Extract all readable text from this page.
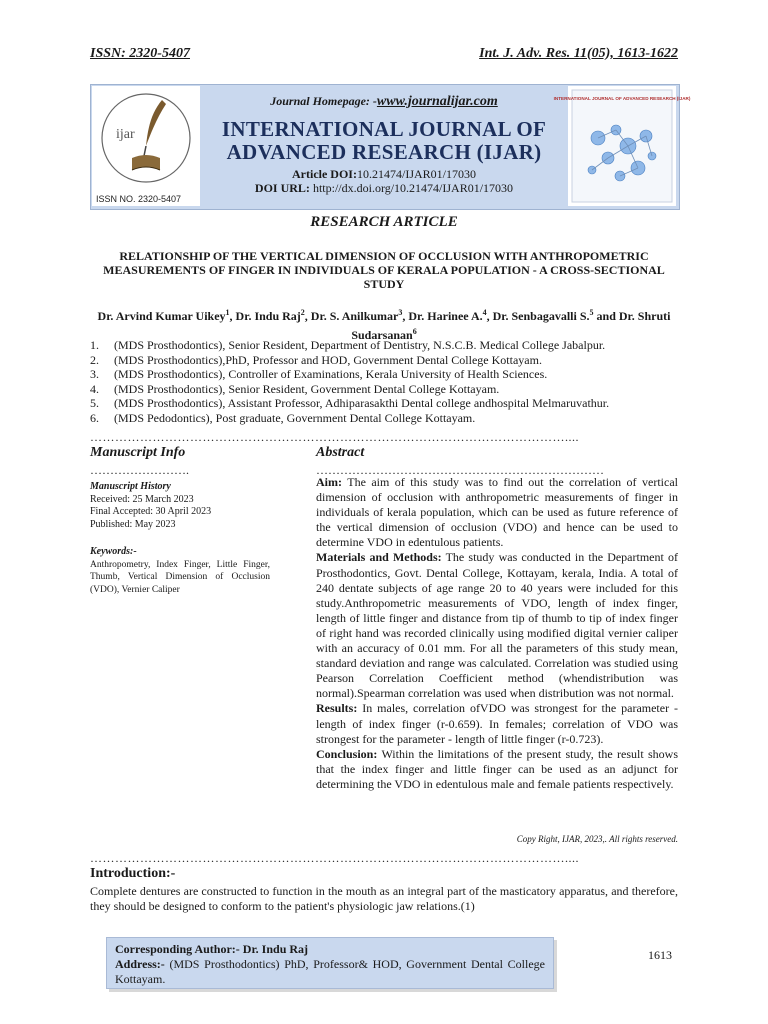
ISSN: 2320-5407	Int. J. Adv. Res. 11(05), 1613-1622
ijar
ISSN NO. 2320-5407
INTERNATIONAL JOURNAL OF ADVANCED RESEARCH (IJAR)
Journal Homepage: -www.journalijar.com
INTERNATIONAL JOURNAL OF
ADVANCED RESEARCH (IJAR)
Article DOI:10.21474/IJAR01/17030
DOI URL: http://dx.doi.org/10.21474/IJAR01/17030
RESEARCH ARTICLE
RELATIONSHIP OF THE VERTICAL DIMENSION OF OCCLUSION WITH ANTHROPOMETRIC MEASUREMENTS OF FINGER IN INDIVIDUALS OF KERALA POPULATION - A CROSS-SECTIONAL STUDY
Dr. Arvind Kumar Uikey$^1$, Dr. Indu Raj$^2$, Dr. S. Anilkumar$^3$, Dr. Harinee A.$^4$, Dr. Senbagavalli S.$^5$ and Dr. Shruti Sudarsanan$^6$
1.	(MDS Prosthodontics), Senior Resident, Department of Dentistry, N.S.C.B. Medical College Jabalpur.
2.	(MDS Prosthodontics),PhD, Professor and HOD, Government Dental College Kottayam.
3.	(MDS Prosthodontics), Controller of Examinations, Kerala University of Health Sciences.
4.	(MDS Prosthodontics), Senior Resident, Government Dental College Kottayam.
5.	(MDS Prosthodontics), Assistant Professor, Adhiparasakthi Dental college andhospital Melmaruvathur.
6.	(MDS Pedodontics), Post graduate, Government Dental College Kottayam.
……………………………………………………………………………………………………....
Manuscript Info
…………………….
Manuscript History
Received: 25 March 2023
Final Accepted: 30 April 2023
Published: May 2023
Keywords:-
Anthropometry, Index Finger, Little Finger, Thumb, Vertical Dimension of Occlusion (VDO), Vernier Caliper
Abstract
………………………………………………………………

Aim: The aim of this study was to find out the correlation of vertical dimension of occlusion with anthropometric measurements of finger in individuals of kerala population, which can be used as future reference of the vertical dimension of occlusion (VDO) and hence can be used to determine VDO in edentulous patients.

Materials and Methods: The study was conducted in the Department of Prosthodontics, Govt. Dental College, Kottayam, kerala, India. A total of 240 dentate subjects of age range 20 to 40 years were included for this study.Anthropometric measurements of VDO, length of index finger, length of little finger and distance from tip of thumb to tip of index finger of right hand was recorded clinically using modified digital vernier caliper with an accuracy of 0.01 mm. For all the parameters of this study mean, standard deviation and range was calculated. Correlation was studied using Pearson Correlation Coefficient method (whendistribution was normal).Spearman correlation was used when distribution was not normal.

Results: In males, correlation ofVDO was strongest for the parameter - length of index finger (r-0.659). In females; correlation of VDO was strongest for the parameter - length of little finger (r-0.723).

Conclusion: Within the limitations of the present study, the result shows that the index finger and little finger can be used as an adjunct for determining the VDO in edentulous male and female patients respectively.

Copy Right, IJAR, 2023,. All rights reserved.
……………………………………………………………………………………………………....
Introduction:-
Complete dentures are constructed to function in the mouth as an integral part of the masticatory apparatus, and therefore, they should be designed to conform to the patient's physiologic jaw relations.(1)
Corresponding Author:- Dr. Indu Raj
Address:- (MDS Prosthodontics) PhD, Professor& HOD, Government Dental College Kottayam.
1613
